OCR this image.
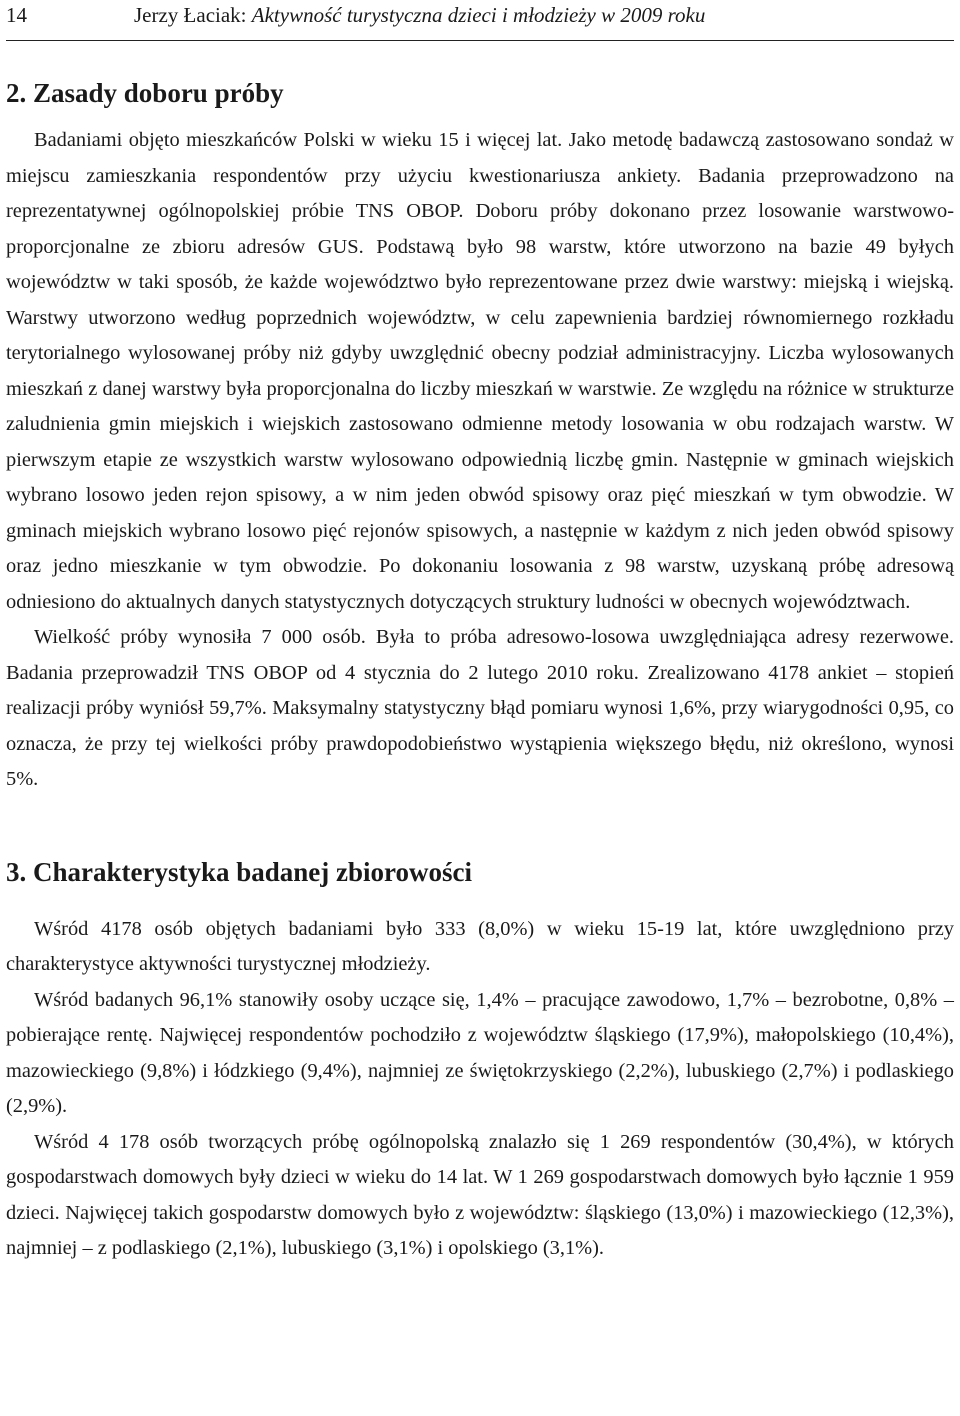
14	Jerzy Łaciak: Aktywność turystyczna dzieci i młodzieży w 2009 roku
2. Zasady doboru próby

Badaniami objęto mieszkańców Polski w wieku 15 i więcej lat. Jako metodę badawczą zastosowano sondaż w miejscu zamieszkania respondentów przy użyciu kwestionariusza ankiety. Badania przeprowadzono na reprezentatywnej ogólnopolskiej próbie TNS OBOP. Doboru próby dokonano przez losowanie warstwowo-proporcjonalne ze zbioru adresów GUS. Podstawą było 98 warstw, które utworzono na bazie 49 byłych województw w taki sposób, że każde województwo było reprezentowane przez dwie warstwy: miejską i wiejską. Warstwy utworzono według poprzednich województw, w celu zapewnienia bardziej równomiernego rozkładu terytorialnego wylosowanej próby niż gdyby uwzględnić obecny podział administracyjny. Liczba wylosowanych mieszkań z danej warstwy była proporcjonalna do liczby mieszkań w warstwie. Ze względu na różnice w strukturze zaludnienia gmin miejskich i wiejskich zastosowano odmienne metody losowania w obu rodzajach warstw. W pierwszym etapie ze wszystkich warstw wylosowano odpowiednią liczbę gmin. Następnie w gminach wiejskich wybrano losowo jeden rejon spisowy, a w nim jeden obwód spisowy oraz pięć mieszkań w tym obwodzie. W gminach miejskich wybrano losowo pięć rejonów spisowych, a następnie w każdym z nich jeden obwód spisowy oraz jedno mieszkanie w tym obwodzie. Po dokonaniu losowania z 98 warstw, uzyskaną próbę adresową odniesiono do aktualnych danych statystycznych dotyczących struktury ludności w obecnych województwach.

Wielkość próby wynosiła 7 000 osób. Była to próba adresowo-losowa uwzględniająca adresy rezerwowe. Badania przeprowadził TNS OBOP od 4 stycznia do 2 lutego 2010 roku. Zrealizowano 4178 ankiet – stopień realizacji próby wyniósł 59,7%. Maksymalny statystyczny błąd pomiaru wynosi 1,6%, przy wiarygodności 0,95, co oznacza, że przy tej wielkości próby prawdopodobieństwo wystąpienia większego błędu, niż określono, wynosi 5%.

3. Charakterystyka badanej zbiorowości

Wśród 4178 osób objętych badaniami było 333 (8,0%) w wieku 15-19 lat, które uwzględniono przy charakterystyce aktywności turystycznej młodzieży.

Wśród badanych 96,1% stanowiły osoby uczące się, 1,4% – pracujące zawodowo, 1,7% – bezrobotne, 0,8% – pobierające rentę. Najwięcej respondentów pochodziło z województw śląskiego (17,9%), małopolskiego (10,4%), mazowieckiego (9,8%) i łódzkiego (9,4%), najmniej ze świętokrzyskiego (2,2%), lubuskiego (2,7%) i podlaskiego (2,9%).

Wśród 4 178 osób tworzących próbę ogólnopolską znalazło się 1 269 respondentów (30,4%), w których gospodarstwach domowych były dzieci w wieku do 14 lat. W 1 269 gospodarstwach domowych było łącznie 1 959 dzieci. Najwięcej takich gospodarstw domowych było z województw: śląskiego (13,0%) i mazowieckiego (12,3%), najmniej – z podlaskiego (2,1%), lubuskiego (3,1%) i opolskiego (3,1%).
